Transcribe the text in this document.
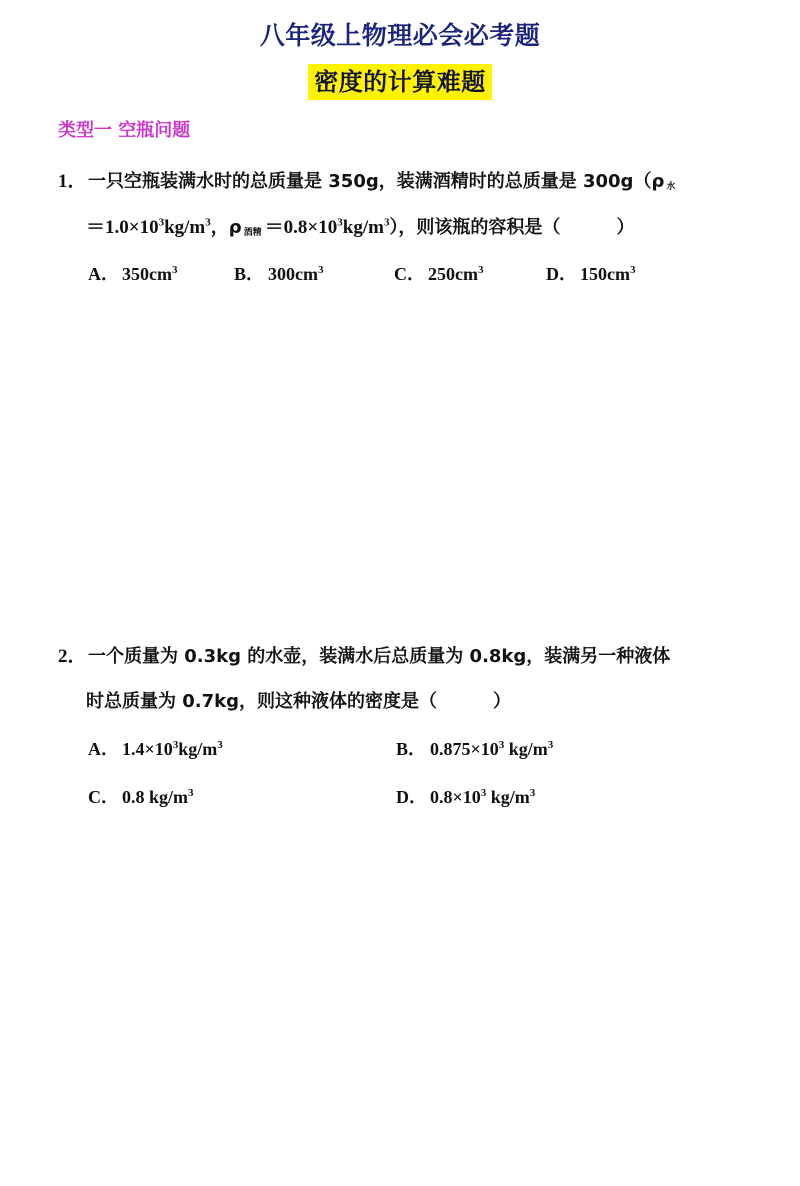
八年级上物理必会必考题
密度的计算难题
类型一 空瓶问题
1．一只空瓶装满水时的总质量是 350g，装满酒精时的总质量是 300g（ρ 水
$=1.0\times 10^3kg/m^3$，ρ 酒精 $=0.8\times 10^3kg/m^3$），则该瓶的容积是（	）
A． $350cm^3$	B． $300cm^3$	C． $250cm^3$	D． $150cm^3$
2．一个质量为 0.3kg 的水壶，装满水后总质量为 0.8kg，装满另一种液体
时总质量为 0.7kg，则这种液体的密度是（	）
A． $1.4\times 10^3kg/m^3$	B． $0.875\times 10^3$ $kg/m^3$
C． 0.8 $kg/m^3$	D． $0.8\times 10^3$ $kg/m^3$
